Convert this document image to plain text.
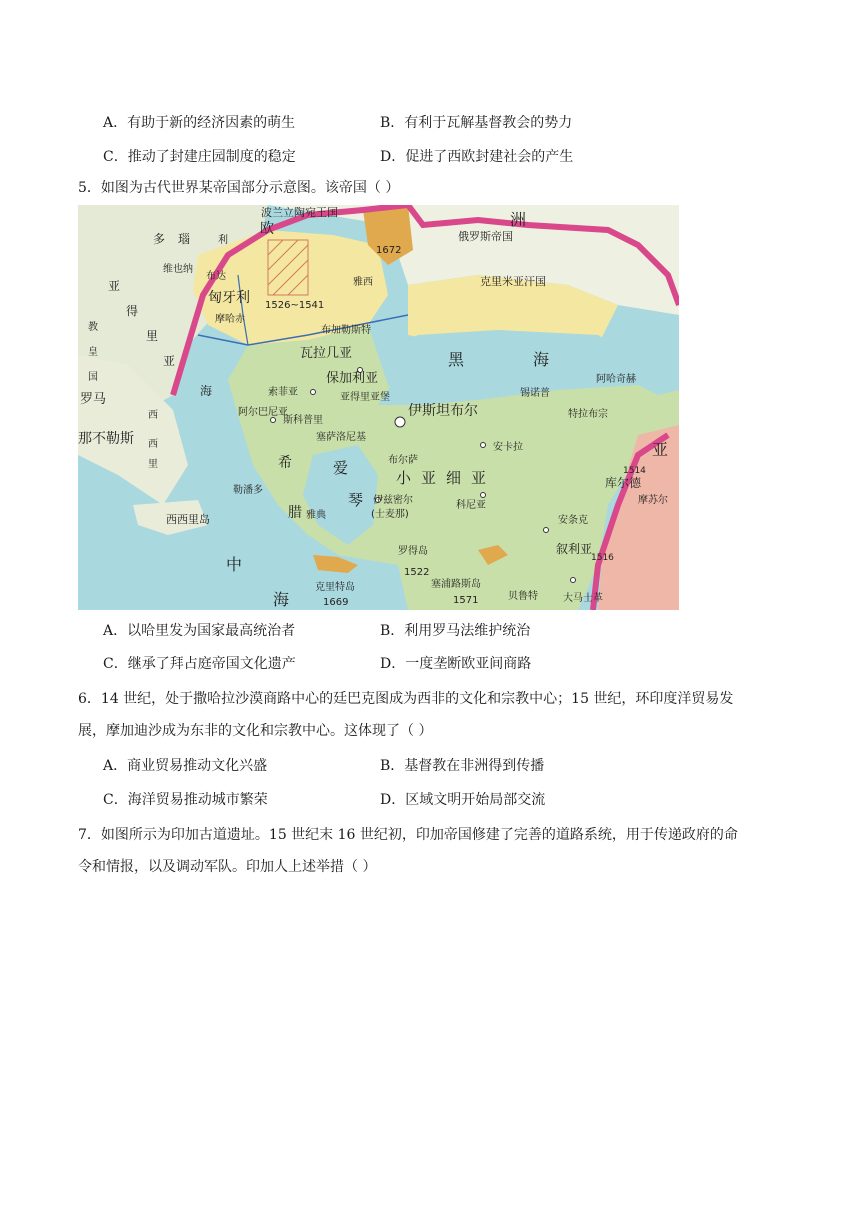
A．有助于新的经济因素的萌生	B．有利于瓦解基督教会的势力
C．推动了封建庄园制度的稳定	D．促进了西欧封建社会的产生
5．如图为古代世界某帝国部分示意图。该帝国（ ）
波兰立陶宛王国
欧	洲
俄罗斯帝国
1672
多 瑙	利
维也纳
布达
匈牙利 1526~1541
摩哈赤
雅西	克里米亚汗国
布加勒斯特
瓦拉几亚
保加利亚
黑	海
索菲亚	亚得里亚堡
伊斯坦布尔
锡诺普
特拉布宗
阿哈奇赫
斯科普里
塞萨洛尼基
布尔萨
安卡拉
小亚细亚
阿尔巴尼亚
希
腊
爱
琴
勒潘多
雅典
伊兹密尔
(士麦那)
科尼亚
罗得岛
1522
克里特岛
1669
塞浦路斯岛
1571	贝鲁特	大马士革
安条克
叙利亚
1516
库尔德
摩苏尔
亚
1514
罗马
那不勒斯
西西里岛
西
西
里
亚
得
里
亚
海
教
皇
国
中
海
A．以哈里发为国家最高统治者	B．利用罗马法维护统治
C．继承了拜占庭帝国文化遗产	D．一度垄断欧亚间商路
6．14 世纪，处于撒哈拉沙漠商路中心的廷巴克图成为西非的文化和宗教中心；15 世纪，环印度洋贸易发
展，摩加迪沙成为东非的文化和宗教中心。这体现了（ ）
A．商业贸易推动文化兴盛	B．基督教在非洲得到传播
C．海洋贸易推动城市繁荣	D．区域文明开始局部交流
7．如图所示为印加古道遗址。15 世纪末 16 世纪初，印加帝国修建了完善的道路系统，用于传递政府的命
令和情报，以及调动军队。印加人上述举措（ ）
